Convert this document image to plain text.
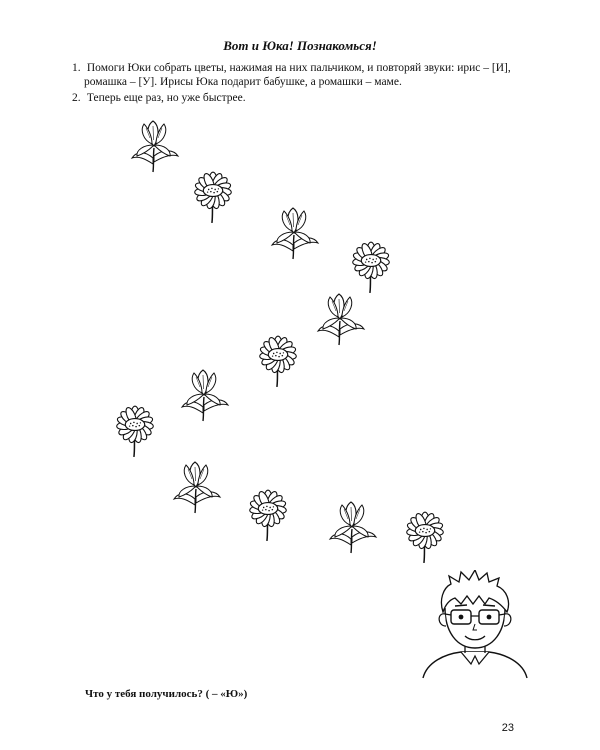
Вот и Юка! Познакомься!
1. Помоги Юки собрать цветы, нажимая на них пальчиком, и повторяй звуки: ирис – [И],
ромашка – [У]. Ирисы Юка подарит бабушке, а ромашки – маме.
2. Теперь еще раз, но уже быстрее.
Что у тебя получилось? ( – «Ю»)
23
